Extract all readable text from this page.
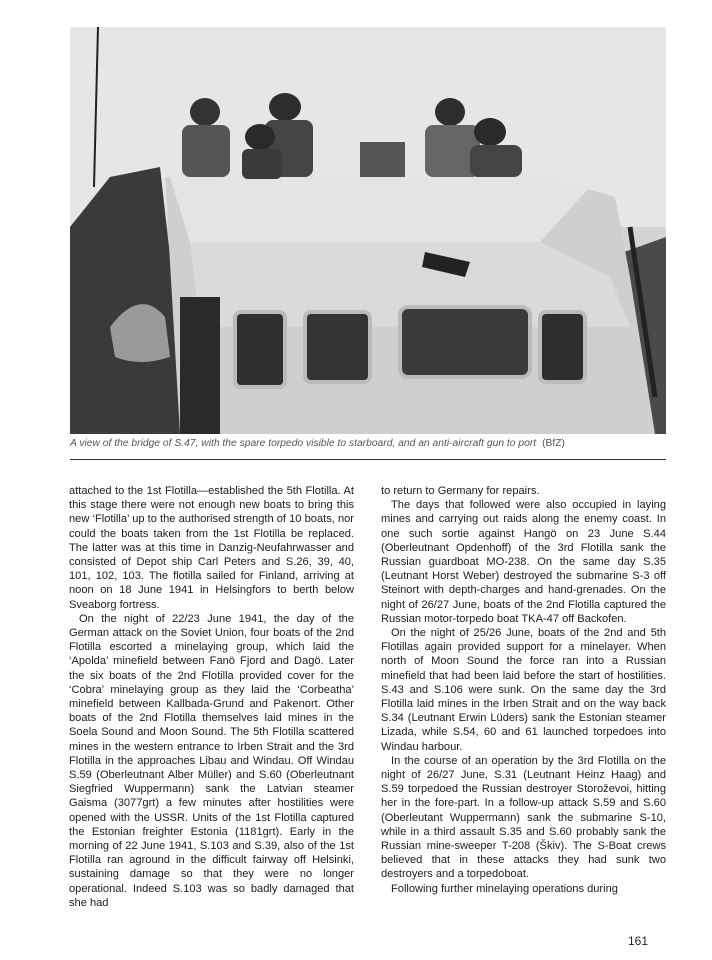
A view of the bridge of S.47, with the spare torpedo visible to starboard, and an anti-aircraft gun to port (BfZ)

attached to the 1st Flotilla—established the 5th Flotilla. At this stage there were not enough new boats to bring this new ‘Flotilla’ up to the authorised strength of 10 boats, nor could the boats taken from the 1st Flotilla be replaced. The latter was at this time in Danzig-Neufahrwasser and consisted of Depot ship Carl Peters and S.26, 39, 40, 101, 102, 103. The flotilla sailed for Finland, arriving at noon on 18 June 1941 in Helsingfors to berth below Sveaborg fortress.

On the night of 22/23 June 1941, the day of the German attack on the Soviet Union, four boats of the 2nd Flotilla escorted a minelaying group, which laid the ‘Apolda’ minefield between Fanö Fjord and Dagö. Later the six boats of the 2nd Flotilla provided cover for the ‘Cobra’ minelaying group as they laid the ‘Corbeatha’ minefield between Kallbada-Grund and Pakenort. Other boats of the 2nd Flotilla themselves laid mines in the Soela Sound and Moon Sound. The 5th Flotilla scattered mines in the western entrance to Irben Strait and the 3rd Flotilla in the approaches Libau and Windau. Off Windau S.59 (Oberleutnant Alber Müller) and S.60 (Oberleutnant Siegfried Wuppermann) sank the Latvian steamer Gaisma (3077grt) a few minutes after hostilities were opened with the USSR. Units of the 1st Flotilla captured the Estonian freighter Estonia (1181grt). Early in the morning of 22 June 1941, S.103 and S.39, also of the 1st Flotilla ran aground in the difficult fairway off Helsinki, sustaining damage so that they were no longer operational. Indeed S.103 was so badly damaged that she had

to return to Germany for repairs.

The days that followed were also occupied in laying mines and carrying out raids along the enemy coast. In one such sortie against Hangö on 23 June S.44 (Oberleutnant Opdenhoff) of the 3rd Flotilla sank the Russian guardboat MO-238. On the same day S.35 (Leutnant Horst Weber) destroyed the submarine S-3 off Steinort with depth-charges and hand-grenades. On the night of 26/27 June, boats of the 2nd Flotilla captured the Russian motor-torpedo boat TKA-47 off Backofen.

On the night of 25/26 June, boats of the 2nd and 5th Flotillas again provided support for a minelayer. When north of Moon Sound the force ran into a Russian minefield that had been laid before the start of hostilities. S.43 and S.106 were sunk. On the same day the 3rd Flotilla laid mines in the Irben Strait and on the way back S.34 (Leutnant Erwin Lüders) sank the Estonian steamer Lizada, while S.54, 60 and 61 launched torpedoes into Windau harbour.

In the course of an operation by the 3rd Flotilla on the night of 26/27 June, S.31 (Leutnant Heinz Haag) and S.59 torpedoed the Russian destroyer Storoževoi, hitting her in the fore-part. In a follow-up attack S.59 and S.60 (Oberleutant Wuppermann) sank the submarine S-10, while in a third assault S.35 and S.60 probably sank the Russian mine-sweeper T-208 (Škiv). The S-Boat crews believed that in these attacks they had sunk two destroyers and a torpedoboat.

Following further minelaying operations during

161
